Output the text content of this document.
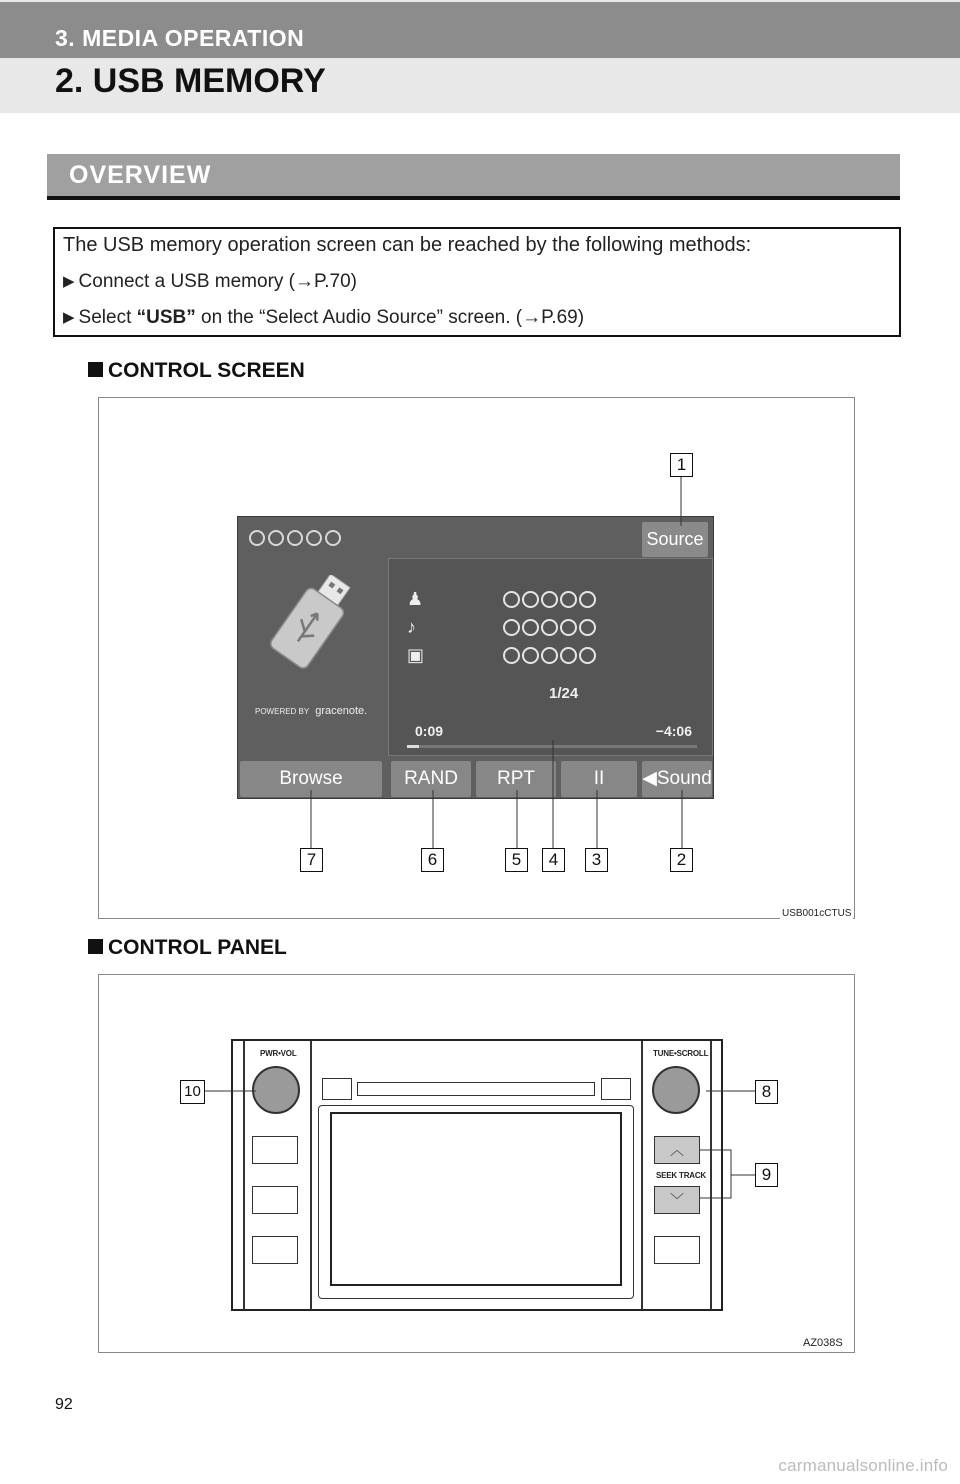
3. MEDIA OPERATION
2. USB MEMORY
OVERVIEW
The USB memory operation screen can be reached by the following methods:
▶ Connect a USB memory (→P.70)
▶ Select “USB” on the “Select Audio Source” screen. (→P.69)
CONTROL SCREEN
USB001cCTUS
Source
POWERED BY gracenote.
♟
♪
▣
1/24
0:09	−4:06
Browse	RAND	RPT	II	◀Sound
1
2
3
4
5
6
7
CONTROL PANEL
AZ038S
PWR•VOL	TUNE•SCROLL
SEEK TRACK
︿
﹀
10	8
9
92
carmanualsonline.info
